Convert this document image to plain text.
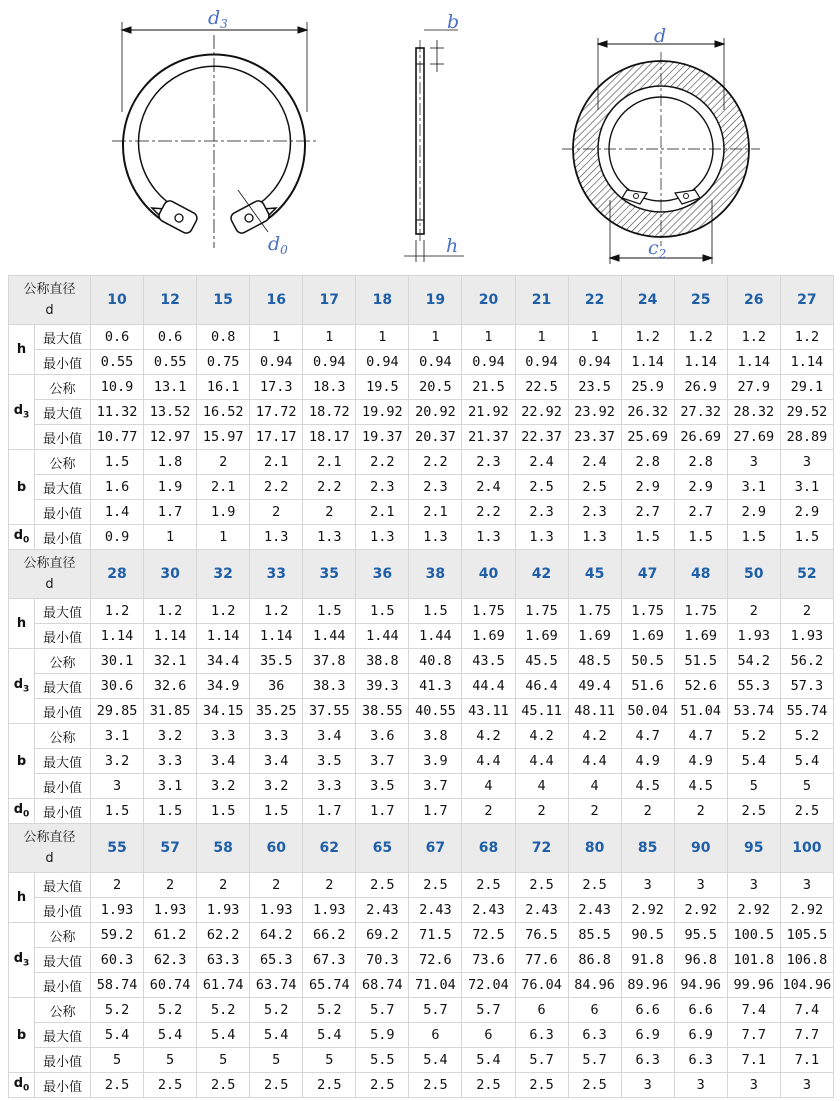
$d_3$
$d_0$
b
h
d
$c_2$
公称直径
d		10	12	15	16	17	18	19	20	21	22	24	25	26	27
h	最大值	0.6	0.6	0.8	1	1	1	1	1	1	1	1.2	1.2	1.2	1.2
	最小值	0.55	0.55	0.75	0.94	0.94	0.94	0.94	0.94	0.94	0.94	1.14	1.14	1.14	1.14
$d_3$	公称	10.9	13.1	16.1	17.3	18.3	19.5	20.5	21.5	22.5	23.5	25.9	26.9	27.9	29.1
	最大值	11.32	13.52	16.52	17.72	18.72	19.92	20.92	21.92	22.92	23.92	26.32	27.32	28.32	29.52
	最小值	10.77	12.97	15.97	17.17	18.17	19.37	20.37	21.37	22.37	23.37	25.69	26.69	27.69	28.89
b	公称	1.5	1.8	2	2.1	2.1	2.2	2.2	2.3	2.4	2.4	2.8	2.8	3	3
	最大值	1.6	1.9	2.1	2.2	2.2	2.3	2.3	2.4	2.5	2.5	2.9	2.9	3.1	3.1
	最小值	1.4	1.7	1.9	2	2	2.1	2.1	2.2	2.3	2.3	2.7	2.7	2.9	2.9
$d_0$	最小值	0.9	1	1	1.3	1.3	1.3	1.3	1.3	1.3	1.3	1.5	1.5	1.5	1.5

公称直径
d		28	30	32	33	35	36	38	40	42	45	47	48	50	52
h	最大值	1.2	1.2	1.2	1.2	1.5	1.5	1.5	1.75	1.75	1.75	1.75	1.75	2	2
	最小值	1.14	1.14	1.14	1.14	1.44	1.44	1.44	1.69	1.69	1.69	1.69	1.69	1.93	1.93
$d_3$	公称	30.1	32.1	34.4	35.5	37.8	38.8	40.8	43.5	45.5	48.5	50.5	51.5	54.2	56.2
	最大值	30.6	32.6	34.9	36	38.3	39.3	41.3	44.4	46.4	49.4	51.6	52.6	55.3	57.3
	最小值	29.85	31.85	34.15	35.25	37.55	38.55	40.55	43.11	45.11	48.11	50.04	51.04	53.74	55.74
b	公称	3.1	3.2	3.3	3.3	3.4	3.6	3.8	4.2	4.2	4.2	4.7	4.7	5.2	5.2
	最大值	3.2	3.3	3.4	3.4	3.5	3.7	3.9	4.4	4.4	4.4	4.9	4.9	5.4	5.4
	最小值	3	3.1	3.2	3.2	3.3	3.5	3.7	4	4	4	4.5	4.5	5	5
$d_0$	最小值	1.5	1.5	1.5	1.5	1.7	1.7	1.7	2	2	2	2	2	2.5	2.5

公称直径
d		55	57	58	60	62	65	67	68	72	80	85	90	95	100
h	最大值	2	2	2	2	2	2.5	2.5	2.5	2.5	2.5	3	3	3	3
	最小值	1.93	1.93	1.93	1.93	1.93	2.43	2.43	2.43	2.43	2.43	2.92	2.92	2.92	2.92
$d_3$	公称	59.2	61.2	62.2	64.2	66.2	69.2	71.5	72.5	76.5	85.5	90.5	95.5	100.5	105.5
	最大值	60.3	62.3	63.3	65.3	67.3	70.3	72.6	73.6	77.6	86.8	91.8	96.8	101.8	106.8
	最小值	58.74	60.74	61.74	63.74	65.74	68.74	71.04	72.04	76.04	84.96	89.96	94.96	99.96	104.96
b	公称	5.2	5.2	5.2	5.2	5.2	5.7	5.7	5.7	6	6	6.6	6.6	7.4	7.4
	最大值	5.4	5.4	5.4	5.4	5.4	5.9	6	6	6.3	6.3	6.9	6.9	7.7	7.7
	最小值	5	5	5	5	5	5.5	5.4	5.4	5.7	5.7	6.3	6.3	7.1	7.1
$d_0$	最小值	2.5	2.5	2.5	2.5	2.5	2.5	2.5	2.5	2.5	2.5	3	3	3	3
